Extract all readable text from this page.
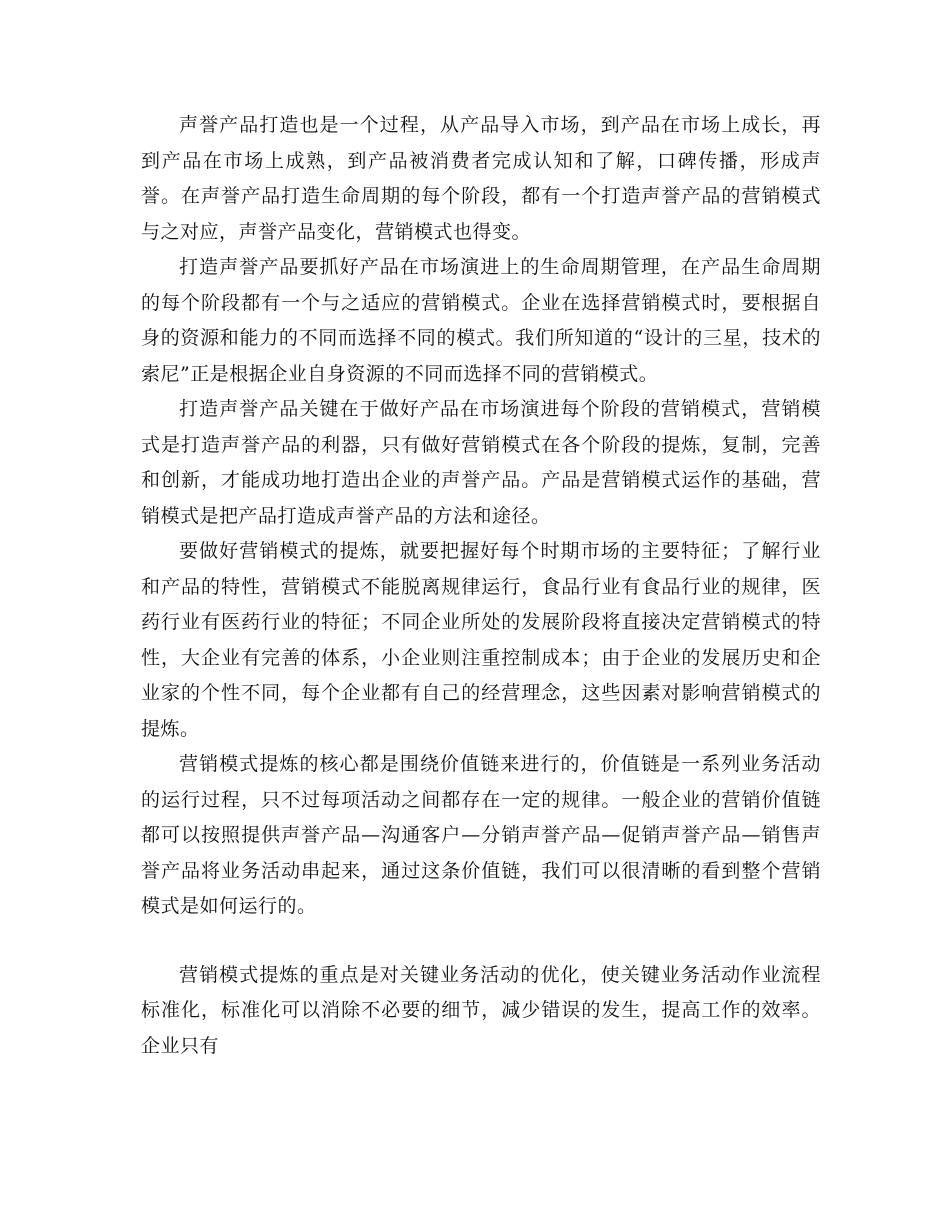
声誉产品打造也是一个过程，从产品导入市场，到产品在市场上成长，再到产品在市场上成熟，到产品被消费者完成认知和了解，口碑传播，形成声誉。在声誉产品打造生命周期的每个阶段，都有一个打造声誉产品的营销模式与之对应，声誉产品变化，营销模式也得变。

打造声誉产品要抓好产品在市场演进上的生命周期管理，在产品生命周期的每个阶段都有一个与之适应的营销模式。企业在选择营销模式时，要根据自身的资源和能力的不同而选择不同的模式。我们所知道的“设计的三星，技术的索尼”正是根据企业自身资源的不同而选择不同的营销模式。

打造声誉产品关键在于做好产品在市场演进每个阶段的营销模式，营销模式是打造声誉产品的利器，只有做好营销模式在各个阶段的提炼，复制，完善和创新，才能成功地打造出企业的声誉产品。产品是营销模式运作的基础，营销模式是把产品打造成声誉产品的方法和途径。

要做好营销模式的提炼，就要把握好每个时期市场的主要特征；了解行业和产品的特性，营销模式不能脱离规律运行，食品行业有食品行业的规律，医药行业有医药行业的特征；不同企业所处的发展阶段将直接决定营销模式的特性，大企业有完善的体系，小企业则注重控制成本；由于企业的发展历史和企业家的个性不同，每个企业都有自己的经营理念，这些因素对影响营销模式的提炼。

营销模式提炼的核心都是围绕价值链来进行的，价值链是一系列业务活动的运行过程，只不过每项活动之间都存在一定的规律。一般企业的营销价值链都可以按照提供声誉产品—沟通客户—分销声誉产品—促销声誉产品—销售声誉产品将业务活动串起来，通过这条价值链，我们可以很清晰的看到整个营销模式是如何运行的。

营销模式提炼的重点是对关键业务活动的优化，使关键业务活动作业流程标准化，标准化可以消除不必要的细节，减少错误的发生，提高工作的效率。企业只有
